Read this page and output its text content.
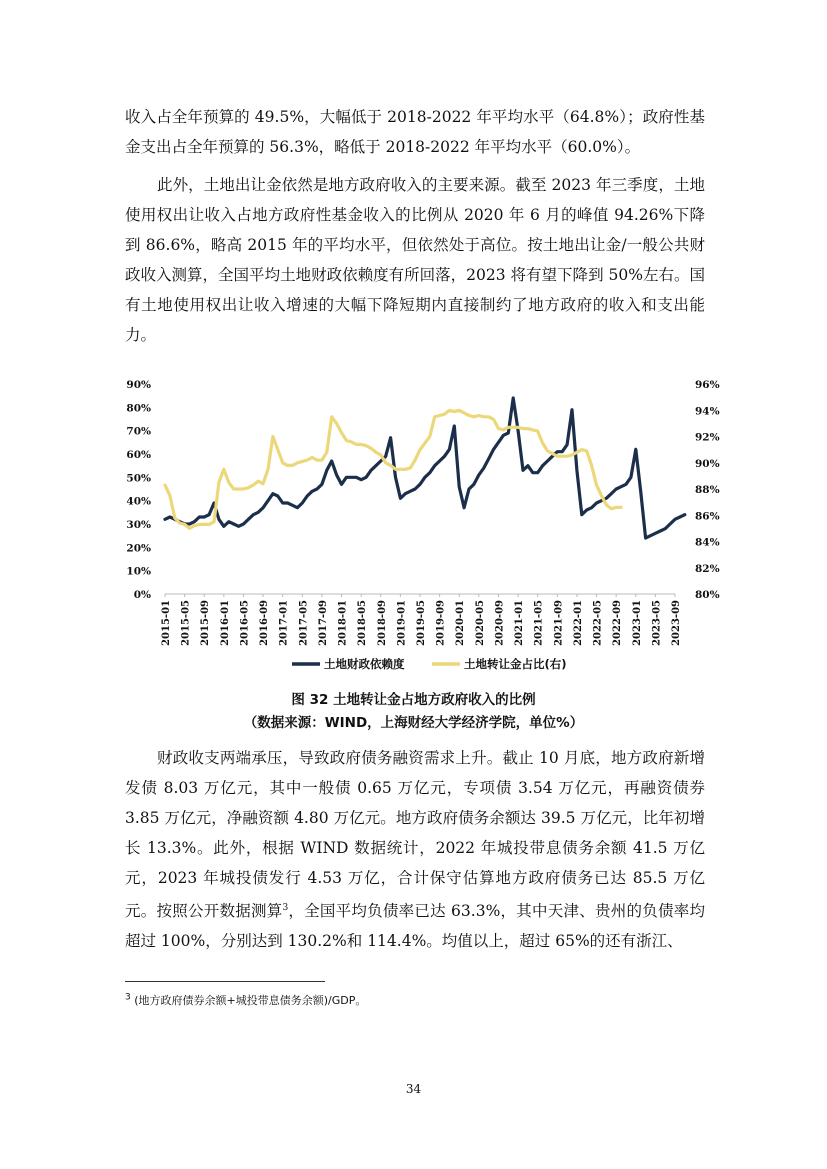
收入占全年预算的 49.5%，大幅低于 2018-2022 年平均水平（64.8%）；政府性基金支出占全年预算的 56.3%，略低于 2018-2022 年平均水平（60.0%）。

此外，土地出让金依然是地方政府收入的主要来源。截至 2023 年三季度，土地使用权出让收入占地方政府性基金收入的比例从 2020 年 6 月的峰值 94.26%下降到 86.6%，略高 2015 年的平均水平，但依然处于高位。按土地出让金/一般公共财政收入测算，全国平均土地财政依赖度有所回落，2023 将有望下降到 50%左右。国有土地使用权出让收入增速的大幅下降短期内直接制约了地方政府的收入和支出能力。

0%
10%
20%
30%
40%
50%
60%
70%
80%
90%
80%
82%
84%
86%
88%
90%
92%
94%
96%
2015-01 2015-05 2015-09 2016-01 2016-05 2016-09 2017-01 2017-05 2017-09 2018-01 2018-05 2018-09 2019-01 2019-05 2019-09 2020-01 2020-05 2020-09 2021-01 2021-05 2021-09 2022-01 2022-05 2022-09 2023-01 2023-05 2023-09
土地财政依赖度	土地转让金占比(右)
图 32 土地转让金占地方政府收入的比例
（数据来源：WIND，上海财经大学经济学院，单位%）

财政收支两端承压，导致政府债务融资需求上升。截止 10 月底，地方政府新增发债 8.03 万亿元，其中一般债 0.65 万亿元，专项债 3.54 万亿元，再融资债券 3.85 万亿元，净融资额 4.80 万亿元。地方政府债务余额达 39.5 万亿元，比年初增长 13.3%。此外，根据 WIND 数据统计，2022 年城投带息债务余额 41.5 万亿元，2023 年城投债发行 4.53 万亿，合计保守估算地方政府债务已达 85.5 万亿元。按照公开数据测算$^3$，全国平均负债率已达 63.3%，其中天津、贵州的负债率均超过 100%，分别达到 130.2%和 114.4%。均值以上，超过 65%的还有浙江、

$^3$ (地方政府债券余额+城投带息债务余额)/GDP。
34
